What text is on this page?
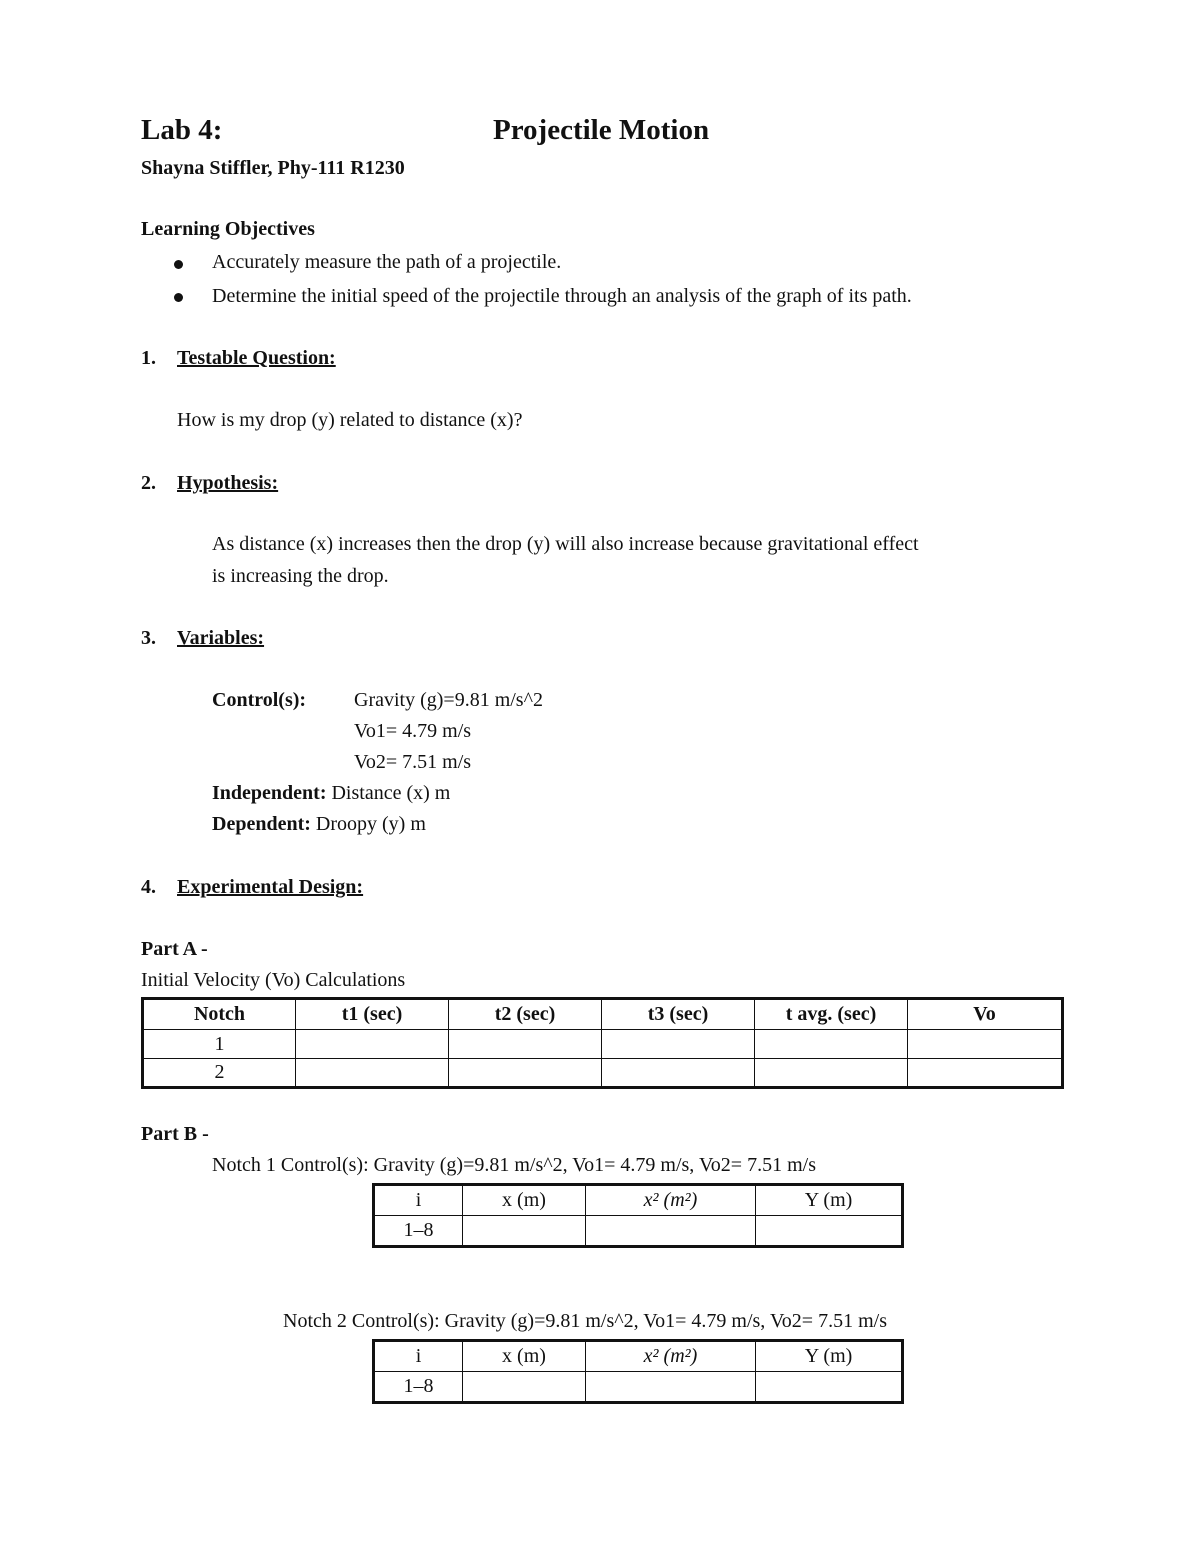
Lab 4:	Projectile Motion
Shayna Stiffler, Phy-111 R1230
Learning Objectives
Accurately measure the path of a projectile.
Determine the initial speed of the projectile through an analysis of the graph of its path.
1. Testable Question:
How is my drop (y) related to distance (x)?
2. Hypothesis:
As distance (x) increases then the drop (y) will also increase because gravitational effect
is increasing the drop.
3. Variables:
Control(s): Gravity (g)=9.81 m/s^2
Vo1= 4.79 m/s
Vo2= 7.51 m/s
Independent: Distance (x) m
Dependent: Droopy (y) m
4. Experimental Design:
Part A -
Initial Velocity (Vo) Calculations
Notch	t1 (sec)	t2 (sec)	t3 (sec)	t avg. (sec)	Vo
1					
2					
Part B -
Notch 1 Control(s): Gravity (g)=9.81 m/s^2, Vo1= 4.79 m/s, Vo2= 7.51 m/s
i	x (m)	x² (m²)	Y (m)
1–8			
Notch 2 Control(s): Gravity (g)=9.81 m/s^2, Vo1= 4.79 m/s, Vo2= 7.51 m/s
i	x (m)	x² (m²)	Y (m)
1–8			
